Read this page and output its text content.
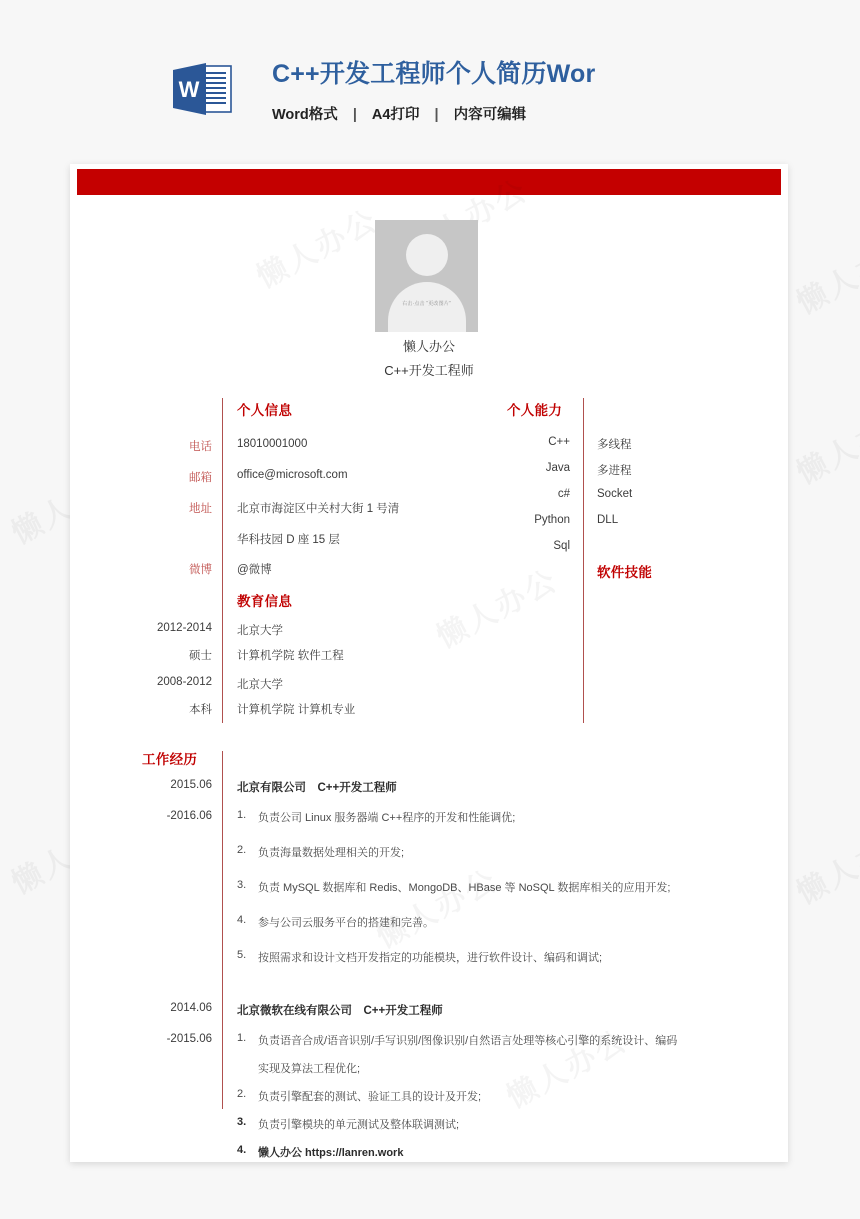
W
C++开发工程师个人简历Wor
Word格式 | A4打印 | 内容可编辑
右击·点击 “更改图片”
懒人办公
C++开发工程师
个人信息
电话 18010001000
邮箱 office@microsoft.com
地址 北京市海淀区中关村大街 1 号清
华科技园 D 座 15 层
微博 @微博
教育信息
2012-2014 北京大学
硕士 计算机学院 软件工程
2008-2012 北京大学
本科 计算机学院 计算机专业
个人能力
C++
Java
c#
Python
Sql
多线程
多进程
Socket
DLL
软件技能
工作经历
2015.06
-2016.06
北京有限公司　C++开发工程师
1. 负责公司 Linux 服务器端 C++程序的开发和性能调优;
2. 负责海量数据处理相关的开发;
3. 负责 MySQL 数据库和 Redis、MongoDB、HBase 等 NoSQL 数据库相关的应用开发;
4. 参与公司云服务平台的搭建和完善。
5. 按照需求和设计文档开发指定的功能模块，进行软件设计、编码和调试;
2014.06
-2015.06
北京微软在线有限公司　C++开发工程师
1. 负责语音合成/语音识别/手写识别/图像识别/自然语言处理等核心引擎的系统设计、编码
实现及算法工程优化;
2. 负责引擎配套的测试、验证工具的设计及开发;
3. 负责引擎模块的单元测试及整体联调测试;
4. 懒人办公 https://lanren.work
